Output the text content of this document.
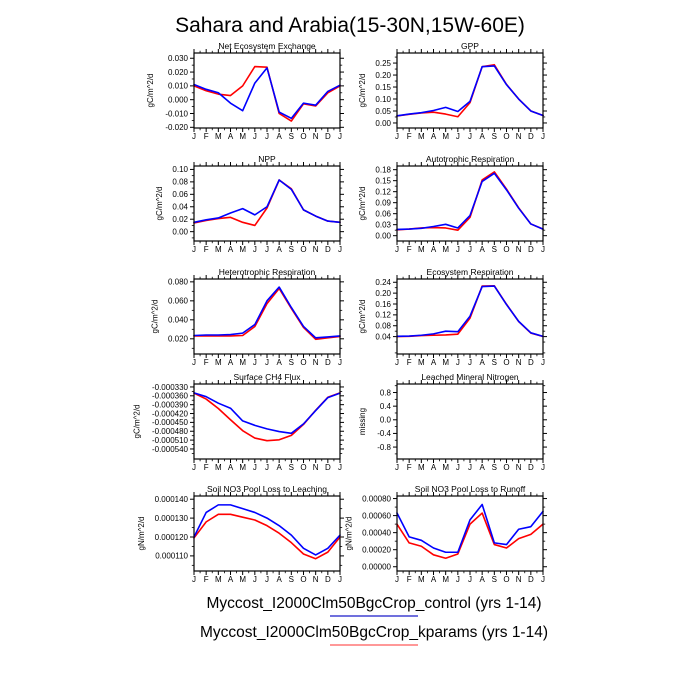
Sahara and Arabia(15-30N,15W-60E)
J F M A M J J A S O N D J
-0.020
-0.010
0.000
0.010
0.020
0.030
Net Ecosystem Exchange
gC/m^2/d
J F M A M J J A S O N D J
0.00
0.05
0.10
0.15
0.20
0.25
GPP
gC/m^2/d
J F M A M J J A S O N D J
0.00
0.02
0.04
0.06
0.08
0.10
NPP
gC/m^2/d
J F M A M J J A S O N D J
0.00
0.03
0.06
0.09
0.12
0.15
0.18
Autotrophic Respiration
gC/m^2/d
J F M A M J J A S O N D J
0.020
0.040
0.060
0.080
Heterotrophic Respiration
gC/m^2/d
J F M A M J J A S O N D J
0.04
0.08
0.12
0.16
0.20
0.24
Ecosystem Respiration
gC/m^2/d
J F M A M J J A S O N D J
-0.000540
-0.000510
-0.000480
-0.000450
-0.000420
-0.000390
-0.000360
-0.000330
Surface CH4 Flux
gC/m^2/d
J F M A M J J A S O N D J
-0.8
-0.4
0.0
0.4
0.8
Leached Mineral Nitrogen
missing
J F M A M J J A S O N D J
0.000110
0.000120
0.000130
0.000140
Soil NO3 Pool Loss to Leaching
gN/m^2/d
J F M A M J J A S O N D J
0.00000
0.00020
0.00040
0.00060
0.00080
Soil NO3 Pool Loss to Runoff
gN/m^2/d
Myccost_I2000Clm50BgcCrop_control (yrs 1-14)
Myccost_I2000Clm50BgcCrop_kparams (yrs 1-14)
